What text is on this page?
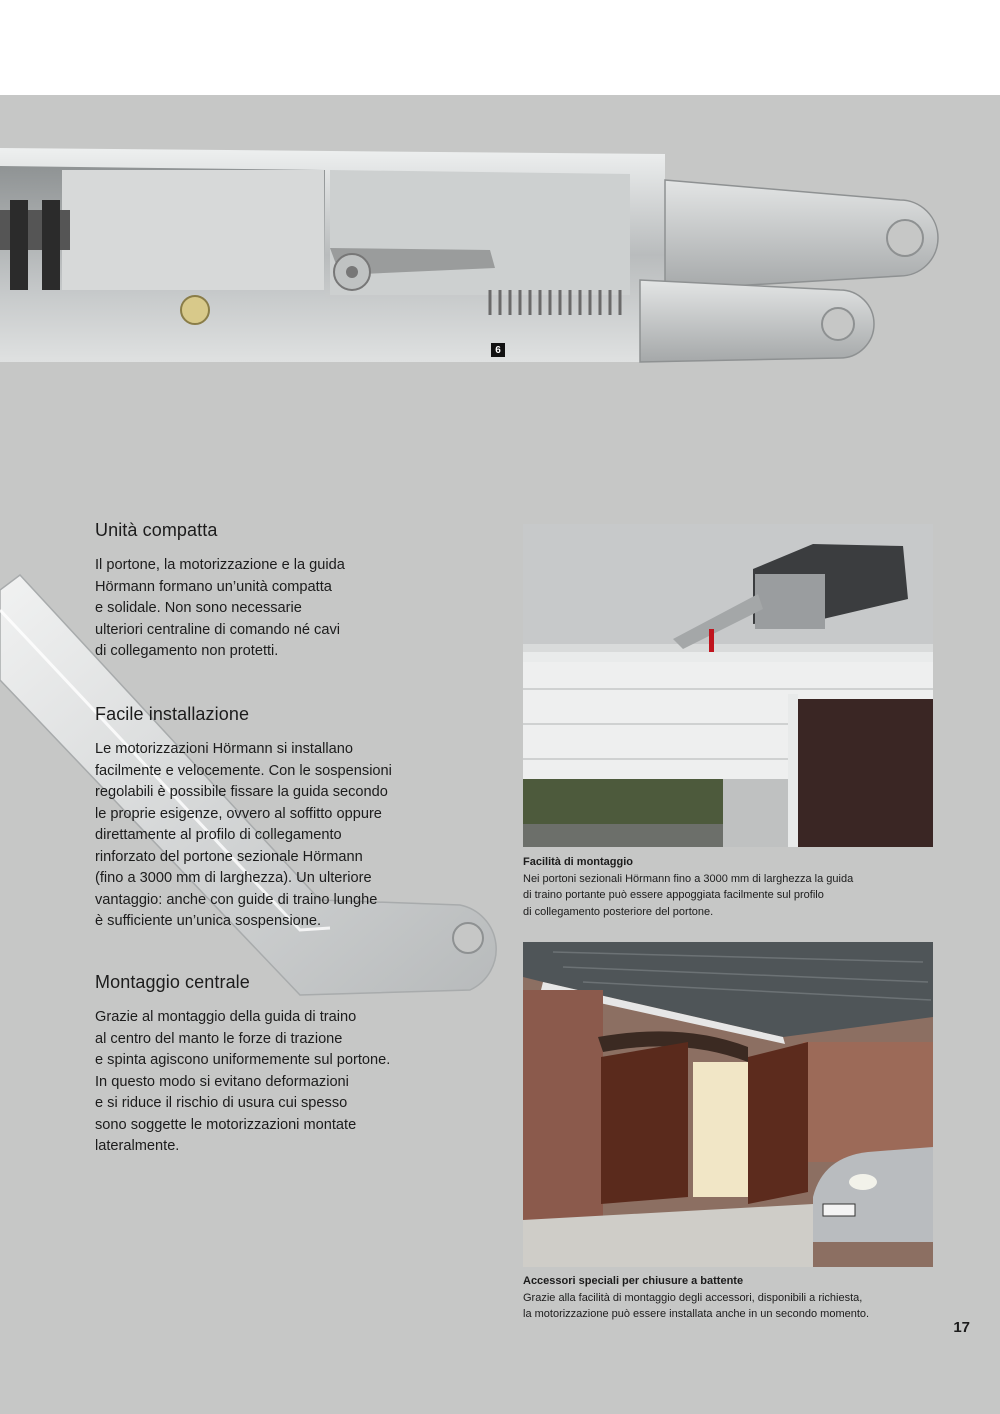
6
Unità compatta

Il portone, la motorizzazione e la guida
Hörmann formano un’unità compatta
e solidale. Non sono necessarie
ulteriori centraline di comando né cavi
di collegamento non protetti.

Facile installazione

Le motorizzazioni Hörmann si installano
facilmente e velocemente. Con le sospensioni
regolabili è possibile fissare la guida secondo
le proprie esigenze, ovvero al soffitto oppure
direttamente al profilo di collegamento
rinforzato del portone sezionale Hörmann
(fino a 3000 mm di larghezza). Un ulteriore
vantaggio: anche con guide di traino lunghe
è sufficiente un’unica sospensione.

Montaggio centrale

Grazie al montaggio della guida di traino
al centro del manto le forze di trazione
e spinta agiscono uniformemente sul portone.
In questo modo si evitano deformazioni
e si riduce il rischio di usura cui spesso
sono soggette le motorizzazioni montate
lateralmente.

Facilità di montaggio
Nei portoni sezionali Hörmann fino a 3000 mm di larghezza la guida
di traino portante può essere appoggiata facilmente sul profilo
di collegamento posteriore del portone.
Accessori speciali per chiusure a battente
Grazie alla facilità di montaggio degli accessori, disponibili a richiesta,
la motorizzazione può essere installata anche in un secondo momento.
17
